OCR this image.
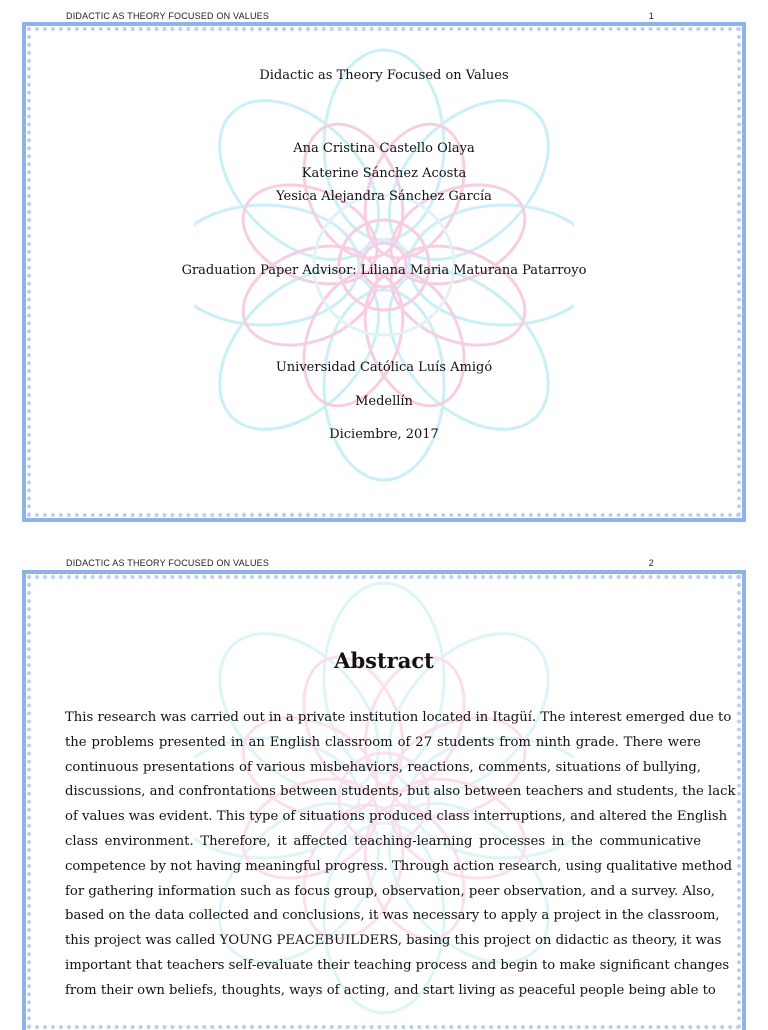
DIDACTIC AS THEORY FOCUSED ON VALUES	1
Didactic as Theory Focused on Values
Ana Cristina Castello Olaya
Katerine Sánchez Acosta
Yesica Alejandra Sánchez García
Graduation Paper Advisor: Liliana Maria Maturana Patarroyo
Universidad Católica Luís Amigó
Medellín
Diciembre, 2017
DIDACTIC AS THEORY FOCUSED ON VALUES	2
Abstract
This research was carried out in a private institution located in Itagüí. The interest emerged due to
the problems presented in an English classroom of 27 students from ninth grade. There were
continuous presentations of various misbehaviors, reactions, comments, situations of bullying,
discussions, and confrontations between students, but also between teachers and students, the lack
of values was evident. This type of situations produced class interruptions, and altered the English
class environment. Therefore, it affected teaching-learning processes in the communicative
competence by not having meaningful progress. Through action research, using qualitative method
for gathering information such as focus group, observation, peer observation, and a survey. Also,
based on the data collected and conclusions, it was necessary to apply a project in the classroom,
this project was called YOUNG PEACEBUILDERS, basing this project on didactic as theory, it was
important that teachers self-evaluate their teaching process and begin to make significant changes
from their own beliefs, thoughts, ways of acting, and start living as peaceful people being able to
